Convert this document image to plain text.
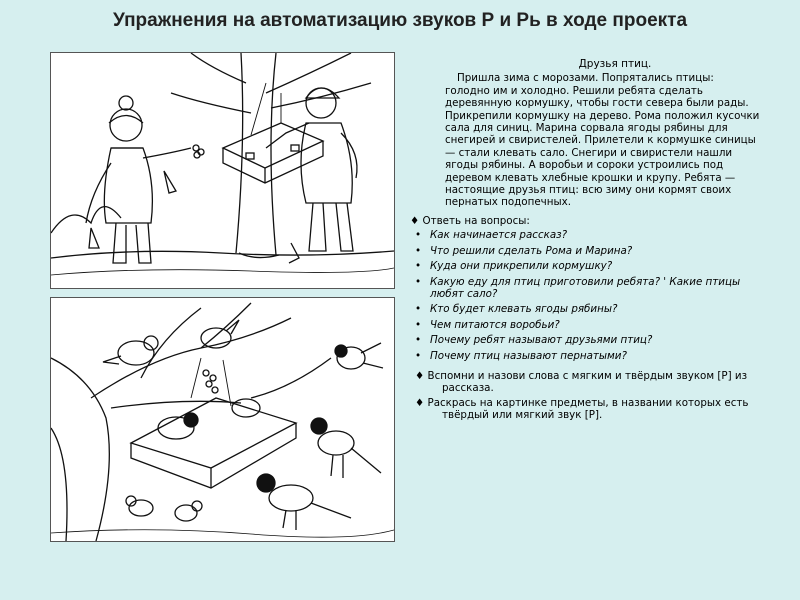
Упражнения на автоматизацию звуков Р и Рь в ходе проекта
Друзья птиц.
Пришла зима с морозами. Попрятались птицы: голодно им и холодно. Решили ребята сделать деревянную кормушку, чтобы гости севера были рады. Прикрепили кормушку на дерево. Рома положил кусочки сала для синиц. Марина сорвала ягоды рябины для снегирей и свиристелей. Прилетели к кормушке синицы — стали клевать сало. Снегири и свиристели нашли ягоды рябины. А воробьи и сороки устроились под деревом клевать хлебные крошки и крупу. Ребята — настоящие друзья птиц: всю зиму они кормят своих пернатых подопечных.
♦ Ответь на вопросы:
• Как начинается рассказ?
• Что решили сделать Рома и Марина?
• Куда они прикрепили кормушку?
• Какую еду для птиц приготовили ребята? ' Какие птицы любят сало?
• Кто будет клевать ягоды рябины?
• Чем питаются воробьи?
• Почему ребят называют друзьями птиц?
• Почему птиц называют пернатыми?
♦ Вспомни и назови слова с мягким и твёрдым звуком [Р] из рассказа.
♦ Раскрась на картинке предметы, в названии которых есть твёрдый или мягкий звук [Р].
